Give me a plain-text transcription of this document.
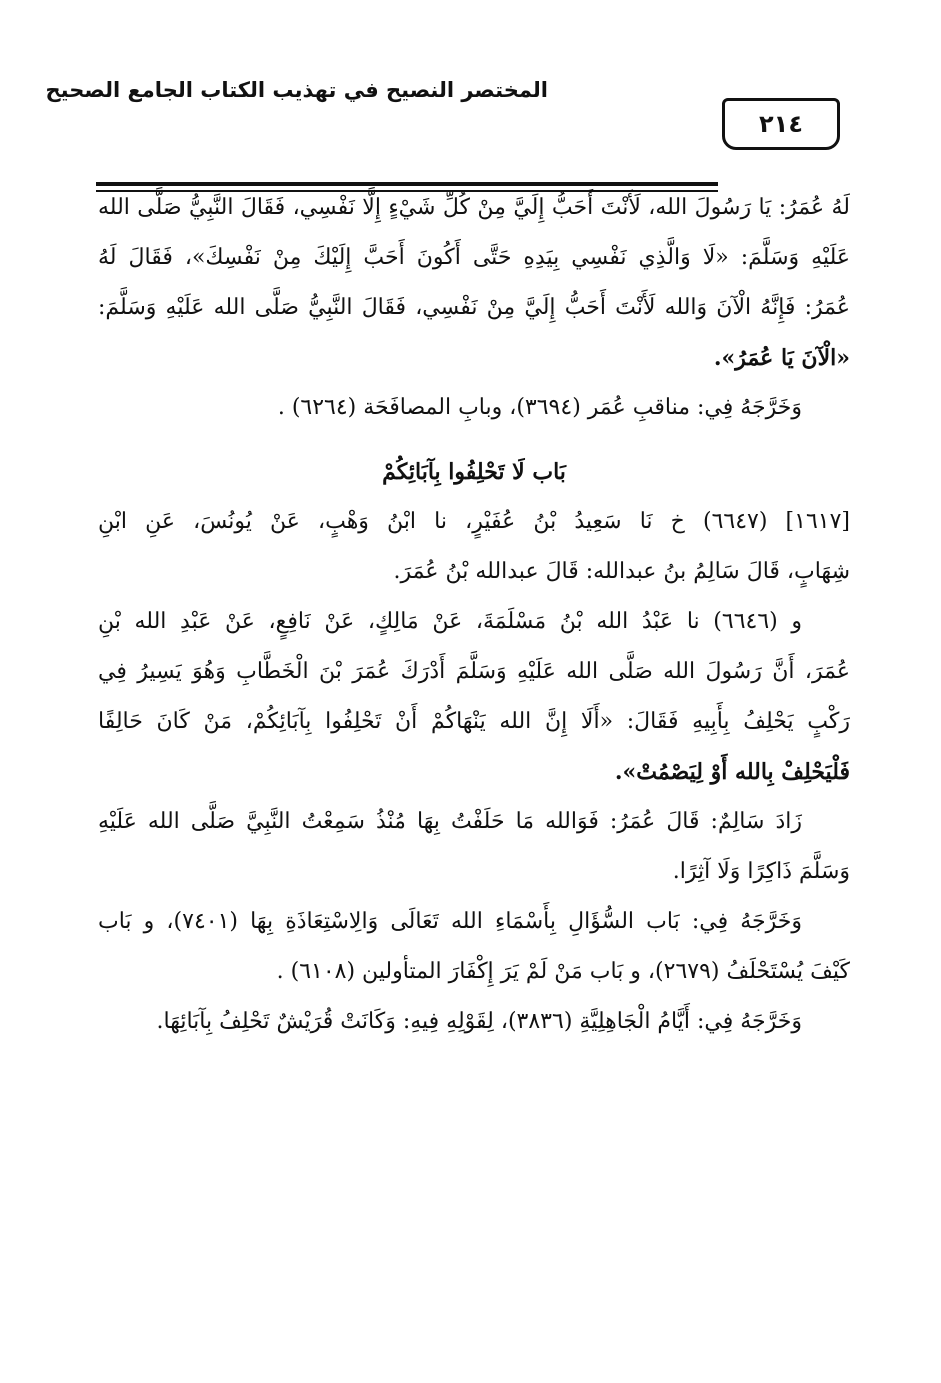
المختصر النصيح في تهذيب الكتاب الجامع الصحيح
٢١٤
لَهُ عُمَرُ: يَا رَسُولَ الله، لَأَنْتَ أَحَبُّ إِلَيَّ مِنْ كُلِّ شَيْءٍ إِلَّا نَفْسِي، فَقَالَ النَّبِيُّ صَلَّى الله
عَلَيْهِ وَسَلَّمَ: «لَا وَالَّذِي نَفْسِي بِيَدِهِ حَتَّى أَكُونَ أَحَبَّ إِلَيْكَ مِنْ نَفْسِكَ»، فَقَالَ لَهُ
عُمَرُ: فَإِنَّهُ الْآنَ وَالله لَأَنْتَ أَحَبُّ إِلَيَّ مِنْ نَفْسِي، فَقَالَ النَّبِيُّ صَلَّى الله عَلَيْهِ وَسَلَّمَ:
«الْآنَ يَا عُمَرُ».
وَخَرَّجَهُ فِي: مناقبِ عُمَر (٣٦٩٤)، وبابِ المصافَحَة (٦٢٦٤) .
بَاب لَا تَحْلِفُوا بِآبَائِكُمْ
[١٦١٧] (٦٦٤٧) خ نَا سَعِيدُ بْنُ عُفَيْرٍ، نا ابْنُ وَهْبٍ، عَنْ يُونُسَ، عَنِ ابْنِ
شِهَابٍ، قَالَ سَالِمُ بنُ عبدالله: قَالَ عبدالله بْنُ عُمَرَ.
و (٦٦٤٦) نا عَبْدُ الله بْنُ مَسْلَمَةَ، عَنْ مَالِكٍ، عَنْ نَافِعٍ، عَنْ عَبْدِ الله بْنِ
عُمَرَ، أَنَّ رَسُولَ الله صَلَّى الله عَلَيْهِ وَسَلَّمَ أَدْرَكَ عُمَرَ بْنَ الْخَطَّابِ وَهُوَ يَسِيرُ فِي
رَكْبٍ يَحْلِفُ بِأَبِيهِ فَقَالَ: «أَلَا إِنَّ الله يَنْهَاكُمْ أَنْ تَحْلِفُوا بِآبَائِكُمْ، مَنْ كَانَ حَالِفًا
فَلْيَحْلِفْ بِالله أَوْ لِيَصْمُتْ».
زَادَ سَالِمٌ: قَالَ عُمَرُ: فَوَالله مَا حَلَفْتُ بِهَا مُنْذُ سَمِعْتُ النَّبِيَّ صَلَّى الله عَلَيْهِ
وَسَلَّمَ ذَاكِرًا وَلَا آثِرًا.
وَخَرَّجَهُ فِي: بَاب السُّؤَالِ بِأَسْمَاءِ الله تَعَالَى وَالِاسْتِعَاذَةِ بِهَا (٧٤٠١)، و بَاب
كَيْفَ يُسْتَحْلَفُ (٢٦٧٩)، و بَاب مَنْ لَمْ يَرَ إِكْفَارَ المتأولين (٦١٠٨) .
وَخَرَّجَهُ فِي: أَيَّامُ الْجَاهِلِيَّةِ (٣٨٣٦)، لِقَوْلِهِ فِيهِ: وَكَانَتْ قُرَيْشٌ تَحْلِفُ بِآبَائِهَا.
